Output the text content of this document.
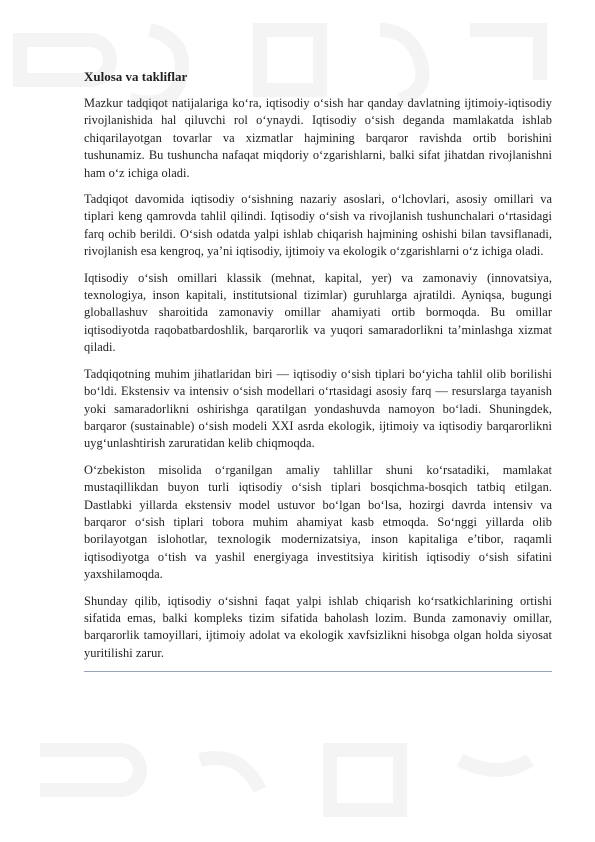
Xulosa va takliflar

Mazkur tadqiqot natijalariga ko‘ra, iqtisodiy o‘sish har qanday davlatning ijtimoiy-iqtisodiy rivojlanishida hal qiluvchi rol o‘ynaydi. Iqtisodiy o‘sish deganda mamlakatda ishlab chiqarilayotgan tovarlar va xizmatlar hajmining barqaror ravishda ortib borishini tushunamiz. Bu tushuncha nafaqat miqdoriy o‘zgarishlarni, balki sifat jihatdan rivojlanishni ham o‘z ichiga oladi.

Tadqiqot davomida iqtisodiy o‘sishning nazariy asoslari, o‘lchovlari, asosiy omillari va tiplari keng qamrovda tahlil qilindi. Iqtisodiy o‘sish va rivojlanish tushunchalari o‘rtasidagi farq ochib berildi. O‘sish odatda yalpi ishlab chiqarish hajmining oshishi bilan tavsiflanadi, rivojlanish esa kengroq, ya’ni iqtisodiy, ijtimoiy va ekologik o‘zgarishlarni o‘z ichiga oladi.

Iqtisodiy o‘sish omillari klassik (mehnat, kapital, yer) va zamonaviy (innovatsiya, texnologiya, inson kapitali, institutsional tizimlar) guruhlarga ajratildi. Ayniqsa, bugungi globallashuv sharoitida zamonaviy omillar ahamiyati ortib bormoqda. Bu omillar iqtisodiyotda raqobatbardoshlik, barqarorlik va yuqori samaradorlikni ta’minlashga xizmat qiladi.

Tadqiqotning muhim jihatlaridan biri — iqtisodiy o‘sish tiplari bo‘yicha tahlil olib borilishi bo‘ldi. Ekstensiv va intensiv o‘sish modellari o‘rtasidagi asosiy farq — resurslarga tayanish yoki samaradorlikni oshirishga qaratilgan yondashuvda namoyon bo‘ladi. Shuningdek, barqaror (sustainable) o‘sish modeli XXI asrda ekologik, ijtimoiy va iqtisodiy barqarorlikni uyg‘unlashtirish zaruratidan kelib chiqmoqda.

O‘zbekiston misolida o‘rganilgan amaliy tahlillar shuni ko‘rsatadiki, mamlakat mustaqillikdan buyon turli iqtisodiy o‘sish tiplari bosqichma-bosqich tatbiq etilgan. Dastlabki yillarda ekstensiv model ustuvor bo‘lgan bo‘lsa, hozirgi davrda intensiv va barqaror o‘sish tiplari tobora muhim ahamiyat kasb etmoqda. So‘nggi yillarda olib borilayotgan islohotlar, texnologik modernizatsiya, inson kapitaliga e’tibor, raqamli iqtisodiyotga o‘tish va yashil energiyaga investitsiya kiritish iqtisodiy o‘sish sifatini yaxshilamoqda.

Shunday qilib, iqtisodiy o‘sishni faqat yalpi ishlab chiqarish ko‘rsatkichlarining ortishi sifatida emas, balki kompleks tizim sifatida baholash lozim. Bunda zamonaviy omillar, barqarorlik tamoyillari, ijtimoiy adolat va ekologik xavfsizlikni hisobga olgan holda siyosat yuritilishi zarur.
